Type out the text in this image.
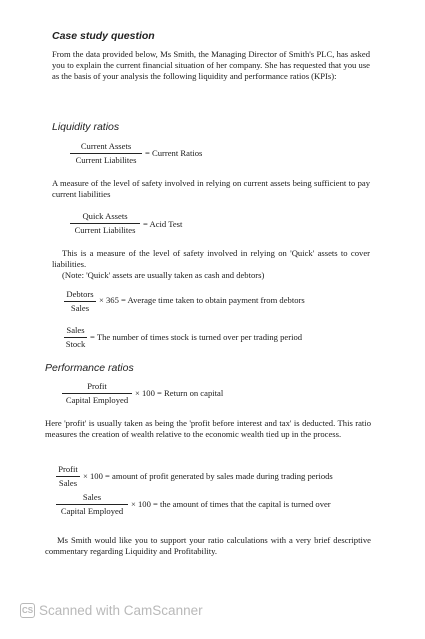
Case study question
From the data provided below, Ms Smith, the Managing Director of Smith's PLC, has asked you to explain the current financial situation of her company. She has requested that you use as the basis of your analysis the following liquidity and performance ratios (KPIs):
Liquidity ratios
Current Assets
Current Liabilites
= Current Ratios
A measure of the level of safety involved in relying on current assets being sufficient to pay current liabilities
Quick Assets
Current Liabilites
= Acid Test
This is a measure of the level of safety involved in relying on 'Quick' assets to cover liabilities.
(Note: 'Quick' assets are usually taken as cash and debtors)
Debtors
Sales
× 365 = Average time taken to obtain payment from debtors
Sales
Stock
= The number of times stock is turned over per trading period
Performance ratios
Profit
Capital Employed
× 100 = Return on capital
Here 'profit' is usually taken as being the 'profit before interest and tax' is deducted. This ratio measures the creation of wealth relative to the economic wealth tied up in the process.
Profit
Sales
× 100 = amount of profit generated by sales made during trading periods
Sales
Capital Employed
× 100 = the amount of times that the capital is turned over
Ms Smith would like you to support your ratio calculations with a very brief descriptive commentary regarding Liquidity and Profitability.
CS Scanned with CamScanner
